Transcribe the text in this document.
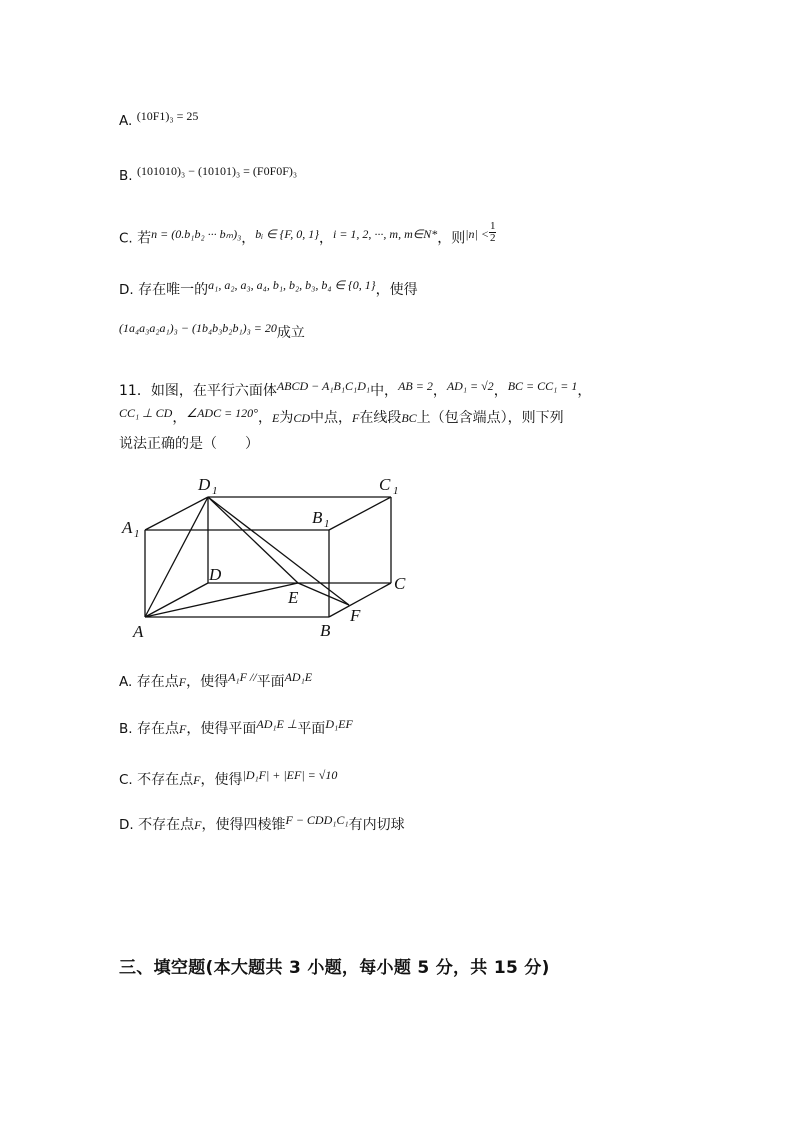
A. (10F1)₃ = 25
B. (101010)₃ − (10101)₃ = (F0F0F)₃
C. 若n = (0.b₁b₂ ··· bₘ)₃，bᵢ ∈ {F, 0, 1}，i = 1, 2, ···, m, m∈N*，则$|n| < \frac{1}{2}$
D. 存在唯一的a₁, a₂, a₃, a₄, b₁, b₂, b₃, b₄ ∈ {0, 1}，使得
(1a₄a₃a₂a₁)₃ − (1b₄b₃b₂b₁)₃ = 20成立
11．如图，在平行六面体ABCD − A₁B₁C₁D₁中，AB = 2，AD₁ = √2，BC = CC₁ = 1，
CC₁ ⊥ CD，∠ADC = 120°，E为CD中点，F在线段BC上（包含端点），则下列
说法正确的是（　　）
D 1	C 1
A 1
B 1
D
E
C
F
A	B
A. 存在点F，使得A₁F //平面AD₁E
B. 存在点F，使得平面AD₁E ⊥平面D₁EF
C. 不存在点F，使得|D₁F| + |EF| = √10
D. 不存在点F，使得四棱锥F − CDD₁C₁有内切球
三、填空题(本大题共 3 小题，每小题 5 分，共 15 分)
